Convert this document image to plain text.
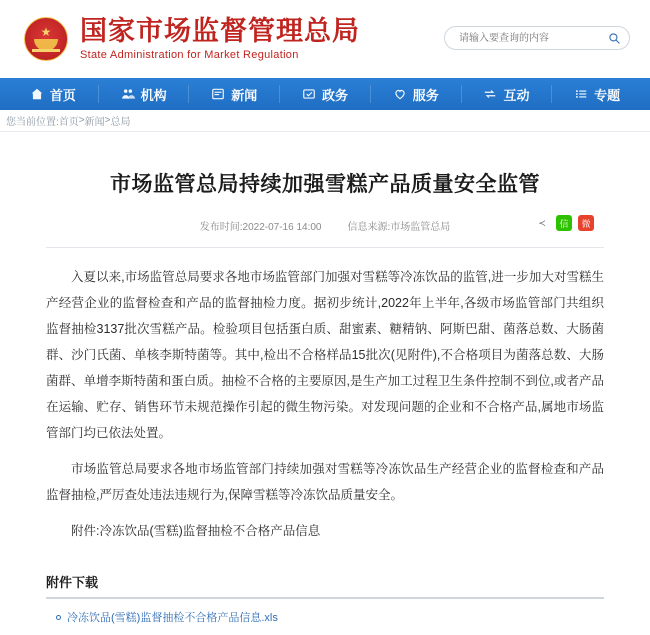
★ 国家市场监督管理总局
State Administration for Market Regulation
请输入要查询的内容
首页	机构	新闻	政务	服务	互动	专题
您当前位置: 首页 > 新闻 > 总局
市场监管总局持续加强雪糕产品质量安全监管
发布时间:2022-07-16 14:00	信息来源:市场监管总局	≺	信	微

入夏以来,市场监管总局要求各地市场监管部门加强对雪糕等冷冻饮品的监管,进一步加大对雪糕生产经营企业的监督检查和产品的监督抽检力度。据初步统计,2022年上半年,各级市场监管部门共组织监督抽检3137批次雪糕产品。检验项目包括蛋白质、甜蜜素、糖精钠、阿斯巴甜、菌落总数、大肠菌群、沙门氏菌、单核李斯特菌等。其中,检出不合格样品15批次(见附件),不合格项目为菌落总数、大肠菌群、单增李斯特菌和蛋白质。抽检不合格的主要原因,是生产加工过程卫生条件控制不到位,或者产品在运输、贮存、销售环节未规范操作引起的微生物污染。对发现问题的企业和不合格产品,属地市场监管部门均已依法处置。

市场监管总局要求各地市场监管部门持续加强对雪糕等冷冻饮品生产经营企业的监督检查和产品监督抽检,严厉查处违法违规行为,保障雪糕等冷冻饮品质量安全。

附件:冷冻饮品(雪糕)监督抽检不合格产品信息

附件下载
冷冻饮品(雪糕)监督抽检不合格产品信息.xls
